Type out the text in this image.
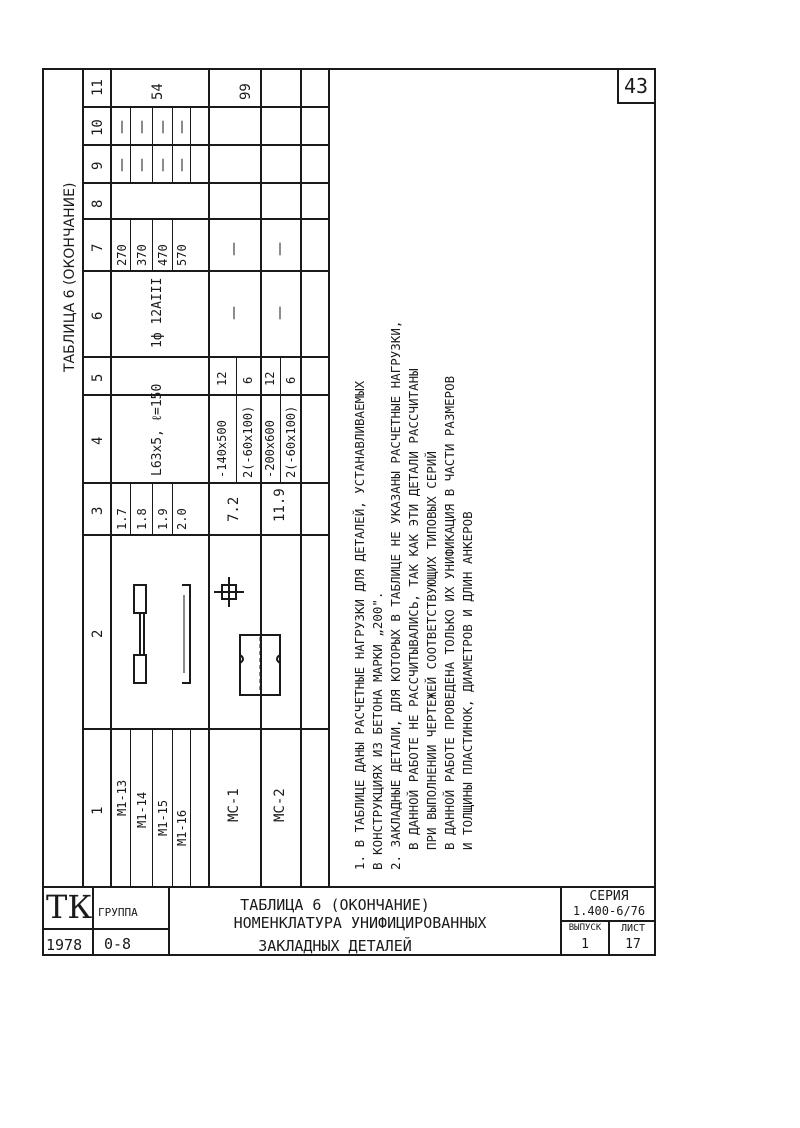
43
ТАБЛИЦА 6 (ОКОНЧАНИЕ)
1
2
3
4
5
6
7
8
9
10
11
М1-13 М1-14 М1-15 М1-16
1.7 1.8 1.9 2.0
L63х5, ℓ=150
1ф 12АIII
270 370 470 570
— — — —
— — — —
54
МС-1 МС-2
7.2 11.9
-140х500
12
2(-60х100)
6
-200х600
12
2(-60х100)
6
— —
— —
99
1. В ТАБЛИЦЕ ДАНЫ РАСЧЕТНЫЕ НАГРУЗКИ ДЛЯ ДЕТАЛЕЙ, УСТАНАВЛИВАЕМЫХ В КОНСТРУКЦИЯХ ИЗ БЕТОНА МАРКИ „200". 2. ЗАКЛАДНЫЕ ДЕТАЛИ, ДЛЯ КОТОРЫХ В ТАБЛИЦЕ НЕ УКАЗАНЫ РАСЧЕТНЫЕ НАГРУЗКИ, В ДАННОЙ РАБОТЕ НЕ РАССЧИТЫВАЛИСЬ, ТАК КАК ЭТИ ДЕТАЛИ РАССЧИТАНЫ ПРИ ВЫПОЛНЕНИИ ЧЕРТЕЖЕЙ СООТВЕТСТВУЮЩИХ ТИПОВЫХ СЕРИЙ В ДАННОЙ РАБОТЕ ПРОВЕДЕНА ТОЛЬКО ИХ УНИФИКАЦИЯ В ЧАСТИ РАЗМЕРОВ И ТОЛЩИНЫ ПЛАСТИНОК, ДИАМЕТРОВ И ДЛИН АНКЕРОВ
ТК
1978
ГРУППА
0-8
ТАБЛИЦА 6 (ОКОНЧАНИЕ)
НОМЕНКЛАТУРА УНИФИЦИРОВАННЫХ
ЗАКЛАДНЫХ ДЕТАЛЕЙ
СЕРИЯ
1.400-6/76
ВЫПУСК
1
ЛИСТ
17
